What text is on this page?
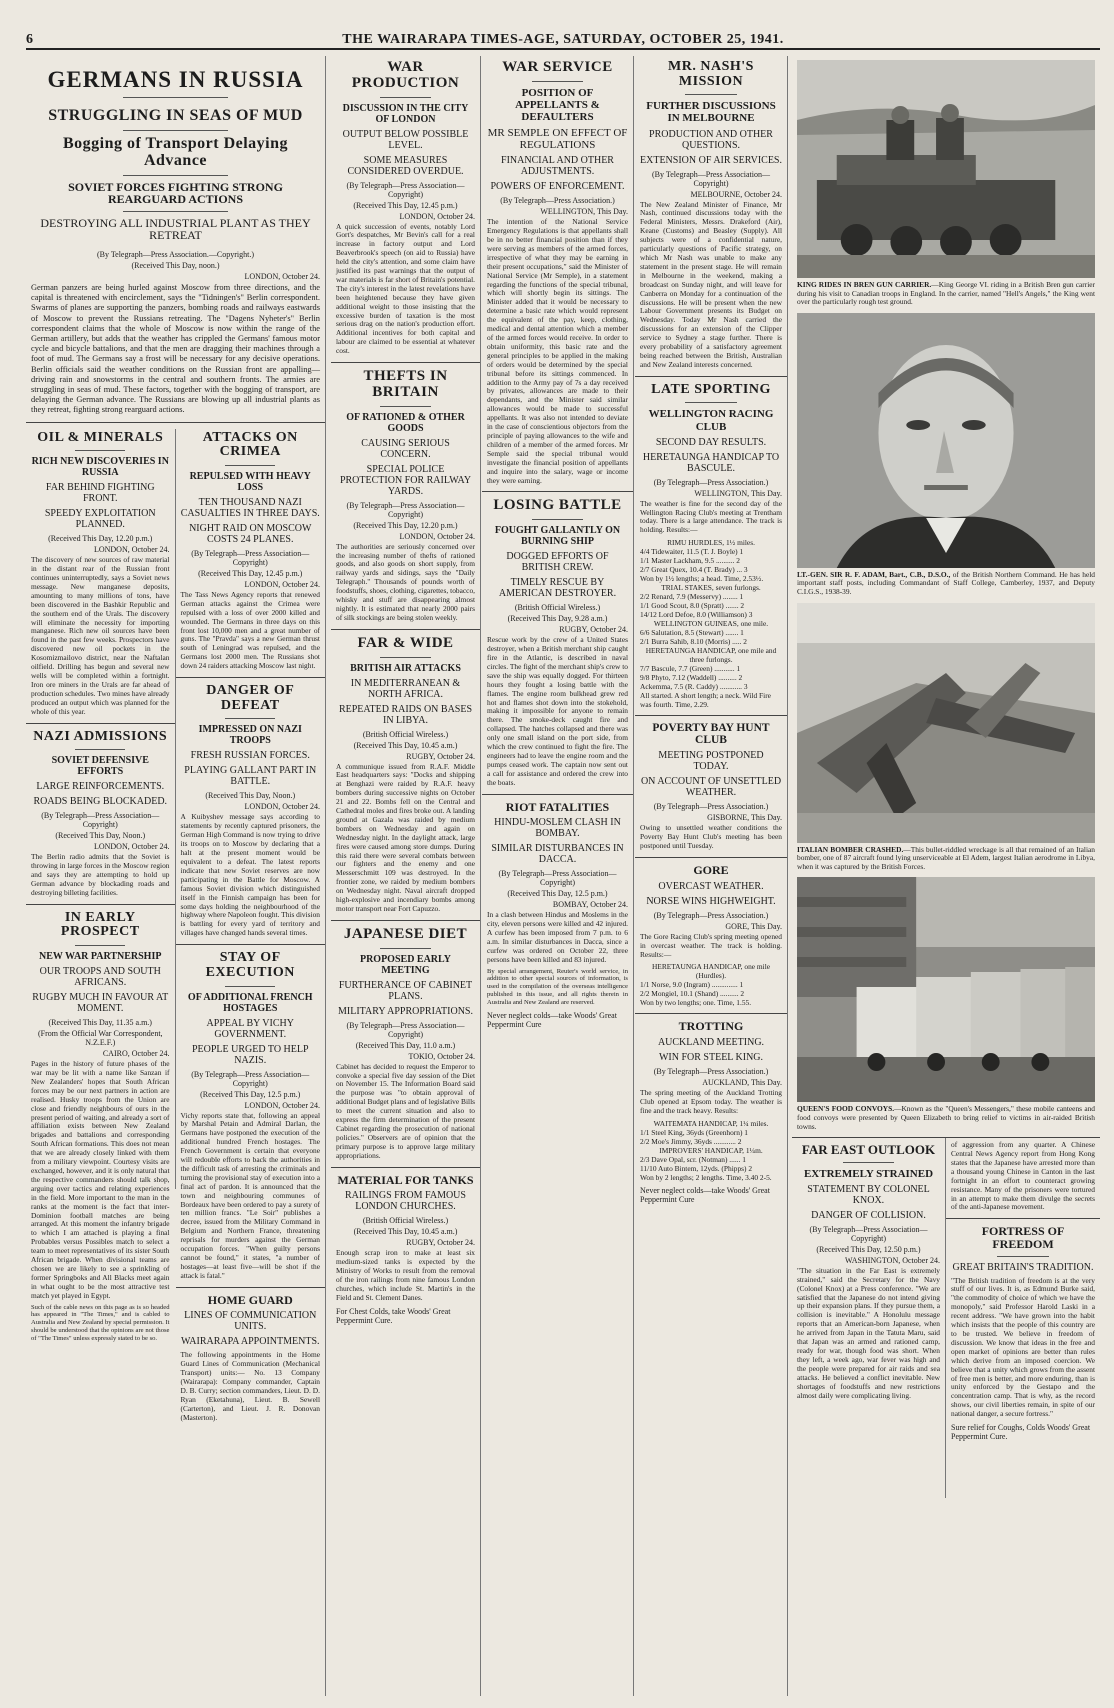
6	THE WAIRARAPA TIMES-AGE, SATURDAY, OCTOBER 25, 1941.
GERMANS IN RUSSIA
STRUGGLING IN SEAS OF MUD
Bogging of Transport Delaying Advance
SOVIET FORCES FIGHTING STRONG REARGUARD ACTIONS
DESTROYING ALL INDUSTRIAL PLANT AS THEY RETREAT
(By Telegraph—Press Association.—Copyright.)
(Received This Day, noon.)
LONDON, October 24.

German panzers are being hurled against Moscow from three directions, and the capital is threatened with encirclement, says the "Tidningen's" Berlin correspondent. Swarms of planes are supporting the panzers, bombing roads and railways eastwards of Moscow to prevent the Russians retreating. The "Dagens Nyheter's" Berlin correspondent claims that the whole of Moscow is now within the range of the German artillery, but adds that the weather has crippled the Germans' famous motor cycle and bicycle battalions, and that the men are dragging their machines through a foot of mud. The Germans say a frost will be necessary for any decisive operations. Berlin officials said the weather conditions on the Russian front are appalling—driving rain and snowstorms in the central and southern fronts. The armies are struggling in seas of mud. These factors, together with the bogging of transport, are delaying the German advance. The Russians are blowing up all industrial plants as they retreat, fighting strong rearguard actions.

OIL & MINERALS
RICH NEW DISCOVERIES IN RUSSIA
FAR BEHIND FIGHTING FRONT.
SPEEDY EXPLOITATION PLANNED.
(Received This Day, 12.20 p.m.)
LONDON, October 24.

The discovery of new sources of raw material in the distant rear of the Russian front continues uninterruptedly, says a Soviet news message. New manganese deposits, amounting to many millions of tons, have been discovered in the Bashkir Republic and the southern end of the Urals. The discovery will eliminate the necessity for importing manganese. Rich new oil sources have been found in the past few weeks. Prospectors have discovered new oil pockets in the Kosomizmailovo district, near the Naftalan oilfield. Drilling has begun and several new wells will be completed within a fortnight. Iron ore miners in the Urals are far ahead of production schedules. Two mines have already produced an output which was planned for the whole of this year.

NAZI ADMISSIONS
SOVIET DEFENSIVE EFFORTS
LARGE REINFORCEMENTS.
ROADS BEING BLOCKADED.
(By Telegraph—Press Association—Copyright)
(Received This Day, Noon.)
LONDON, October 24.

The Berlin radio admits that the Soviet is throwing in large forces in the Moscow region and says they are attempting to hold up German advance by blockading roads and destroying billeting facilities.

IN EARLY PROSPECT
NEW WAR PARTNERSHIP
OUR TROOPS AND SOUTH AFRICANS.
RUGBY MUCH IN FAVOUR AT MOMENT.
(Received This Day, 11.35 a.m.)
(From the Official War Correspondent, N.Z.E.F.)
CAIRO, October 24.

Pages in the history of future phases of the war may be lit with a name like Sanzan if New Zealanders' hopes that South African forces may be our next partners in action are realised. Husky troops from the Union are close and friendly neighbours of ours in the present period of waiting, and already a sort of affiliation exists between New Zealand brigades and battalions and corresponding South African formations. This does not mean that we are already closely linked with them from a military viewpoint. Courtesy visits are exchanged, however, and it is only natural that the respective commanders should talk shop, arguing over tactics and relating experiences in the field. More important to the man in the ranks at the moment is the fact that inter-Dominion football matches are being arranged. At this moment the infantry brigade to which I am attached is playing a final Probables versus Possibles match to select a team to meet representatives of its sister South African brigade. When divisional teams are chosen we are likely to see a sprinkling of former Springboks and All Blacks meet again in what ought to be the most attractive test match yet played in Egypt.

Such of the cable news on this page as is so headed has appeared in "The Times," and is cabled to Australia and New Zealand by special permission. It should be understood that the opinions are not those of "The Times" unless expressly stated to be so.

ATTACKS ON CRIMEA
REPULSED WITH HEAVY LOSS
TEN THOUSAND NAZI CASUALTIES IN THREE DAYS.
NIGHT RAID ON MOSCOW COSTS 24 PLANES.
(By Telegraph—Press Association—Copyright)
(Received This Day, 12.45 p.m.)
LONDON, October 24.

The Tass News Agency reports that renewed German attacks against the Crimea were repulsed with a loss of over 2000 killed and wounded. The Germans in three days on this front lost 10,000 men and a great number of guns. The "Pravda" says a new German thrust south of Leningrad was repulsed, and the Germans lost 2000 men. The Russians shot down 24 raiders attacking Moscow last night.

DANGER OF DEFEAT
IMPRESSED ON NAZI TROOPS
FRESH RUSSIAN FORCES.
PLAYING GALLANT PART IN BATTLE.
(Received This Day, Noon.)
LONDON, October 24.

A Kuibyshev message says according to statements by recently captured prisoners, the German High Command is now trying to drive its troops on to Moscow by declaring that a halt at the present moment would be equivalent to a defeat. The latest reports indicate that new Soviet reserves are now participating in the Battle for Moscow. A famous Soviet division which distinguished itself in the Finnish campaign has been for some days holding the neighbourhood of the highway where Napoleon fought. This division is battling for every yard of territory and villages have changed hands several times.

STAY OF EXECUTION
OF ADDITIONAL FRENCH HOSTAGES
APPEAL BY VICHY GOVERNMENT.
PEOPLE URGED TO HELP NAZIS.
(By Telegraph—Press Association—Copyright)
(Received This Day, 12.5 p.m.)
LONDON, October 24.

Vichy reports state that, following an appeal by Marshal Petain and Admiral Darlan, the Germans have postponed the execution of the additional hundred French hostages. The French Government is certain that everyone will redouble efforts to back the authorities in the difficult task of arresting the criminals and turning the provisional stay of execution into a final act of pardon. It is announced that the town and neighbouring communes of Bordeaux have been ordered to pay a surety of ten million francs. "Le Soir" publishes a decree, issued from the Military Command in Belgium and Northern France, threatening reprisals for murders against the German occupation forces. "When guilty persons cannot be found," it states, "a number of hostages—at least five—will be shot if the attack is fatal."

HOME GUARD
LINES OF COMMUNICATION UNITS.
WAIRARAPA APPOINTMENTS.

The following appointments in the Home Guard Lines of Communication (Mechanical Transport) units:— No. 13 Company (Wairarapa): Company commander, Captain D. B. Curry; section commanders, Lieut. D. D. Ryan (Eketahuna), Lieut. B. Sewell (Carterton), and Lieut. J. R. Donovan (Masterton).

WAR PRODUCTION
DISCUSSION IN THE CITY OF LONDON
OUTPUT BELOW POSSIBLE LEVEL.
SOME MEASURES CONSIDERED OVERDUE.
(By Telegraph—Press Association—Copyright)
(Received This Day, 12.45 p.m.)
LONDON, October 24.

A quick succession of events, notably Lord Gort's despatches, Mr Bevin's call for a real increase in factory output and Lord Beaverbrook's speech (on aid to Russia) have held the city's attention, and some claim have justified its past warnings that the output of war materials is far short of Britain's potential. The city's interest in the latest revelations have been heightened because they have given additional weight to those insisting that the excessive burden of taxation is the most serious drag on the nation's production effort. Additional incentives for both capital and labour are claimed to be essential at whatever cost.

THEFTS IN BRITAIN
OF RATIONED & OTHER GOODS
CAUSING SERIOUS CONCERN.
SPECIAL POLICE PROTECTION FOR RAILWAY YARDS.
(By Telegraph—Press Association—Copyright)
(Received This Day, 12.20 p.m.)
LONDON, October 24.

The authorities are seriously concerned over the increasing number of thefts of rationed goods, and also goods on short supply, from railway yards and sidings, says the "Daily Telegraph." Thousands of pounds worth of foodstuffs, shoes, clothing, cigarettes, tobacco, whisky and stuff are disappearing almost nightly. It is estimated that nearly 2000 pairs of silk stockings are being stolen weekly.

FAR & WIDE
BRITISH AIR ATTACKS
IN MEDITERRANEAN & NORTH AFRICA.
REPEATED RAIDS ON BASES IN LIBYA.
(British Official Wireless.)
(Received This Day, 10.45 a.m.)
RUGBY, October 24.

A communique issued from R.A.F. Middle East headquarters says: "Docks and shipping at Benghazi were raided by R.A.F. heavy bombers during successive nights on October 21 and 22. Bombs fell on the Central and Cathedral moles and fires broke out. A landing ground at Gazala was raided by medium bombers on Wednesday and again on Wednesday night. In the daylight attack, large fires were caused among store dumps. During this raid there were several combats between our fighters and the enemy and one Messerschmitt 109 was destroyed. In the frontier zone, we raided by medium bombers on Wednesday night. Naval aircraft dropped high-explosive and incendiary bombs among motor transport near Fort Capuzzo.

JAPANESE DIET
PROPOSED EARLY MEETING
FURTHERANCE OF CABINET PLANS.
MILITARY APPROPRIATIONS.
(By Telegraph—Press Association—Copyright)
(Received This Day, 11.0 a.m.)
TOKIO, October 24.

Cabinet has decided to request the Emperor to convoke a special five day session of the Diet on November 15. The Information Board said the purpose was "to obtain approval of additional Budget plans and of legislative Bills to meet the current situation and also to express the firm determination of the present Cabinet regarding the prosecution of national policies." Observers are of opinion that the primary purpose is to approve large military appropriations.

MATERIAL FOR TANKS
RAILINGS FROM FAMOUS LONDON CHURCHES.
(British Official Wireless.)
(Received This Day, 10.45 a.m.)
RUGBY, October 24.

Enough scrap iron to make at least six medium-sized tanks is expected by the Ministry of Works to result from the removal of the iron railings from nine famous London churches, which include St. Martin's in the Field and St. Clement Danes.

For Chest Colds, take Woods' Great Peppermint Cure.
WAR SERVICE
POSITION OF APPELLANTS & DEFAULTERS
MR SEMPLE ON EFFECT OF REGULATIONS
FINANCIAL AND OTHER ADJUSTMENTS.
POWERS OF ENFORCEMENT.
(By Telegraph—Press Association.)
WELLINGTON, This Day.

The intention of the National Service Emergency Regulations is that appellants shall be in no better financial position than if they were serving as members of the armed forces, irrespective of what they may be earning in their present occupations," said the Minister of National Service (Mr Semple), in a statement regarding the functions of the special tribunal, which will shortly begin its sittings. The Minister added that it would be necessary to determine a basic rate which would represent the equivalent of the pay, keep, clothing, medical and dental attention which a member of the armed forces would receive. In order to obtain uniformity, this basic rate and the general principles to be applied in the making of orders would be determined by the special tribunal before its sittings commenced. In addition to the Army pay of 7s a day received by privates, allowances are made to their dependants, and the Minister said similar allowances would be made to successful appellants. It was also not intended to deviate in the case of conscientious objectors from the principle of paying allowances to the wife and children of a member of the armed forces. Mr Semple said the special tribunal would investigate the financial position of appellants and inquire into the salary, wage or income they were earning.

LOSING BATTLE
FOUGHT GALLANTLY ON BURNING SHIP
DOGGED EFFORTS OF BRITISH CREW.
TIMELY RESCUE BY AMERICAN DESTROYER.
(British Official Wireless.)
(Received This Day, 9.28 a.m.)
RUGBY, October 24.

Rescue work by the crew of a United States destroyer, when a British merchant ship caught fire in the Atlantic, is described in naval circles. The fight of the merchant ship's crew to save the ship was equally dogged. For thirteen hours they fought a losing battle with the flames. The engine room bulkhead grew red hot and flames shot down into the stokehold, making it impossible for anyone to remain there. The smoke-deck caught fire and collapsed. The hatches collapsed and there was only one small island on the port side, from which the crew continued to fight the fire. The engineers had to leave the engine room and the pumps ceased work. The captain now sent out a call for assistance and ordered the crew into the boats.

RIOT FATALITIES
HINDU-MOSLEM CLASH IN BOMBAY.
SIMILAR DISTURBANCES IN DACCA.
(By Telegraph—Press Association—Copyright)
(Received This Day, 12.5 p.m.)
BOMBAY, October 24.

In a clash between Hindus and Moslems in the city, eleven persons were killed and 42 injured. A curfew has been imposed from 7 p.m. to 6 a.m. In similar disturbances in Dacca, since a curfew was ordered on October 22, three persons have been killed and 83 injured.

By special arrangement, Reuter's world service, in addition to other special sources of information, is used in the compilation of the overseas intelligence published in this issue, and all rights therein in Australia and New Zealand are reserved.

Never neglect colds—take Woods' Great Peppermint Cure
MR. NASH'S MISSION
FURTHER DISCUSSIONS IN MELBOURNE
PRODUCTION AND OTHER QUESTIONS.
EXTENSION OF AIR SERVICES.
(By Telegraph—Press Association—Copyright)
MELBOURNE, October 24.

The New Zealand Minister of Finance, Mr Nash, continued discussions today with the Federal Ministers, Messrs. Drakeford (Air), Keane (Customs) and Beasley (Supply). All subjects were of a confidential nature, particularly questions of Pacific strategy, on which Mr Nash was unable to make any statement in the present stage. He will remain in Melbourne in the weekend, making a broadcast on Sunday night, and will leave for Canberra on Monday for a continuation of the discussions. He will be present when the new Labour Government presents its Budget on Wednesday. Today Mr Nash carried the discussions for an extension of the Clipper service to Sydney a stage further. There is every probability of a satisfactory agreement being reached between the British, Australian and New Zealand interests concerned.

LATE SPORTING
WELLINGTON RACING CLUB
SECOND DAY RESULTS.
HERETAUNGA HANDICAP TO BASCULE.
(By Telegraph—Press Association.)
WELLINGTON, This Day.

The weather is fine for the second day of the Wellington Racing Club's meeting at Trentham today. There is a large attendance. The track is holding. Results:—

RIMU HURDLES, 1½ miles.
4/4 Tidewaiter, 11.5 (T. J. Boyle) 1
1/1 Master Lackham, 9.5 .......... 2
2/7 Great Quex, 10.4 (T. Brady) ... 3
Won by 1½ lengths; a head. Time, 2.53½.
TRIAL STAKES, seven furlongs.
2/2 Renard, 7.9 (Messervy) ........ 1
1/1 Good Scout, 8.0 (Spratt) ....... 2
14/12 Lord Defoe, 8.0 (Williamson) 3
WELLINGTON GUINEAS, one mile.
6/6 Salutation, 8.5 (Stewart) ....... 1
2/1 Burra Sahib, 8.10 (Morris) ..... 2
HERETAUNGA HANDICAP, one mile and three furlongs.
7/7 Bascule, 7.7 (Green) ........... 1
9/8 Phyto, 7.12 (Waddell) .......... 2
Ackemma, 7.5 (R. Caddy) ............ 3
All started. A short length; a neck. Wild Fire was fourth. Time, 2.29.
POVERTY BAY HUNT CLUB
MEETING POSTPONED TODAY.
ON ACCOUNT OF UNSETTLED WEATHER.
(By Telegraph—Press Association.)
GISBORNE, This Day.

Owing to unsettled weather conditions the Poverty Bay Hunt Club's meeting has been postponed until Tuesday.

GORE
OVERCAST WEATHER.
NORSE WINS HIGHWEIGHT.
(By Telegraph—Press Association.)
GORE, This Day.

The Gore Racing Club's spring meeting opened in overcast weather. The track is holding. Results:—

HERETAUNGA HANDICAP, one mile (Hurdles).
1/1 Norse, 9.0 (Ingram) .............. 1
2/2 Mongiel, 10.1 (Shand) .......... 2
Won by two lengths; one. Time, 1.55.
TROTTING
AUCKLAND MEETING.
WIN FOR STEEL KING.
(By Telegraph—Press Association.)
AUCKLAND, This Day.

The spring meeting of the Auckland Trotting Club opened at Epsom today. The weather is fine and the track heavy. Results:

WAITEMATA HANDICAP, 1¼ miles.
1/1 Steel King, 36yds (Greenhorn) 1
2/2 Moe's Jimmy, 36yds ............ 2
IMPROVERS' HANDICAP, 1¼m.
2/3 Dave Opal, scr. (Notman) ...... 1
11/10 Auto Bintem, 12yds. (Phipps) 2
Won by 2 lengths; 2 lengths. Time, 3.40 2-5.
Never neglect colds—take Woods' Great Peppermint Cure

KING RIDES IN BREN GUN CARRIER.—King George VI. riding in a British Bren gun carrier during his visit to Canadian troops in England. In the carrier, named "Hell's Angels," the King went over the particularly rough test ground.

LT.-GEN. SIR R. F. ADAM, Bart., C.B., D.S.O., of the British Northern Command. He has held important staff posts, including Commandant of Staff College, Camberley, 1937, and Deputy C.I.G.S., 1938-39.

ITALIAN BOMBER CRASHED.—This bullet-riddled wreckage is all that remained of an Italian bomber, one of 87 aircraft found lying unserviceable at El Adem, largest Italian aerodrome in Libya, when it was captured by the British Forces.

QUEEN'S FOOD CONVOYS.—Known as the "Queen's Messengers," these mobile canteens and food convoys were presented by Queen Elizabeth to bring relief to victims in air-raided British towns.

FAR EAST OUTLOOK
EXTREMELY STRAINED
STATEMENT BY COLONEL KNOX.
DANGER OF COLLISION.
(By Telegraph—Press Association—Copyright)
(Received This Day, 12.50 p.m.)
WASHINGTON, October 24.

"The situation in the Far East is extremely strained," said the Secretary for the Navy (Colonel Knox) at a Press conference. "We are satisfied that the Japanese do not intend giving up their expansion plans. If they pursue them, a collision is inevitable." A Honolulu message reports that an American-born Japanese, when he arrived from Japan in the Tatuta Maru, said that Japan was an armed and rationed camp, ready for war, though food was short. When they left, a week ago, war fever was high and the people were prepared for air raids and sea attacks. He believed a conflict inevitable. New shortages of foodstuffs and new restrictions almost daily were complicating living.

of aggression from any quarter. A Chinese Central News Agency report from Hong Kong states that the Japanese have arrested more than a thousand young Chinese in Canton in the last fortnight in an effort to counteract growing resistance. Many of the prisoners were tortured in an attempt to make them divulge the secrets of the anti-Japanese movement.

FORTRESS OF FREEDOM
GREAT BRITAIN'S TRADITION.

"The British tradition of freedom is at the very stuff of our lives. It is, as Edmund Burke said, "the commodity of choice of which we have the monopoly," said Professor Harold Laski in a recent address. "We have grown into the habit which insists that the people of this country are to be trusted. We believe in freedom of discussion. We know that ideas in the free and open market of opinions are better than rules which derive from an imposed coercion. We believe that a unity which grows from the assent of free men is better, and more enduring, than is unity enforced by the Gestapo and the concentration camp. That is why, as the record shows, our civil liberties remain, in spite of our national danger, a secure fortress."

Sure relief for Coughs, Colds Woods' Great Peppermint Cure.
